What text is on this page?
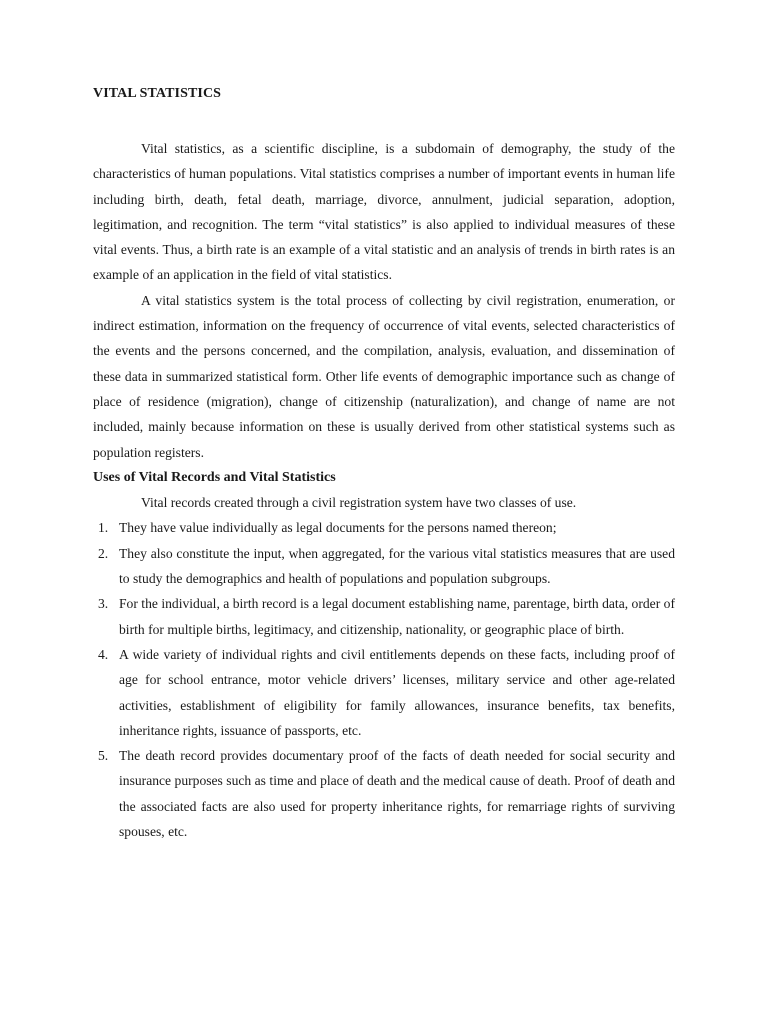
VITAL STATISTICS

Vital statistics, as a scientific discipline, is a subdomain of demography, the study of the characteristics of human populations. Vital statistics comprises a number of important events in human life including birth, death, fetal death, marriage, divorce, annulment, judicial separation, adoption, legitimation, and recognition. The term “vital statistics” is also applied to individual measures of these vital events. Thus, a birth rate is an example of a vital statistic and an analysis of trends in birth rates is an example of an application in the field of vital statistics.

A vital statistics system is the total process of collecting by civil registration, enumeration, or indirect estimation, information on the frequency of occurrence of vital events, selected characteristics of the events and the persons concerned, and the compilation, analysis, evaluation, and dissemination of these data in summarized statistical form. Other life events of demographic importance such as change of place of residence (migration), change of citizenship (naturalization), and change of name are not included, mainly because information on these is usually derived from other statistical systems such as population registers.

Uses of Vital Records and Vital Statistics

Vital records created through a civil registration system have two classes of use.

1. They have value individually as legal documents for the persons named thereon;
2. They also constitute the input, when aggregated, for the various vital statistics measures that are used to study the demographics and health of populations and population subgroups.
3. For the individual, a birth record is a legal document establishing name, parentage, birth data, order of birth for multiple births, legitimacy, and citizenship, nationality, or geographic place of birth.
4. A wide variety of individual rights and civil entitlements depends on these facts, including proof of age for school entrance, motor vehicle drivers’ licenses, military service and other age-related activities, establishment of eligibility for family allowances, insurance benefits, tax benefits, inheritance rights, issuance of passports, etc.
5. The death record provides documentary proof of the facts of death needed for social security and insurance purposes such as time and place of death and the medical cause of death. Proof of death and the associated facts are also used for property inheritance rights, for remarriage rights of surviving spouses, etc.
